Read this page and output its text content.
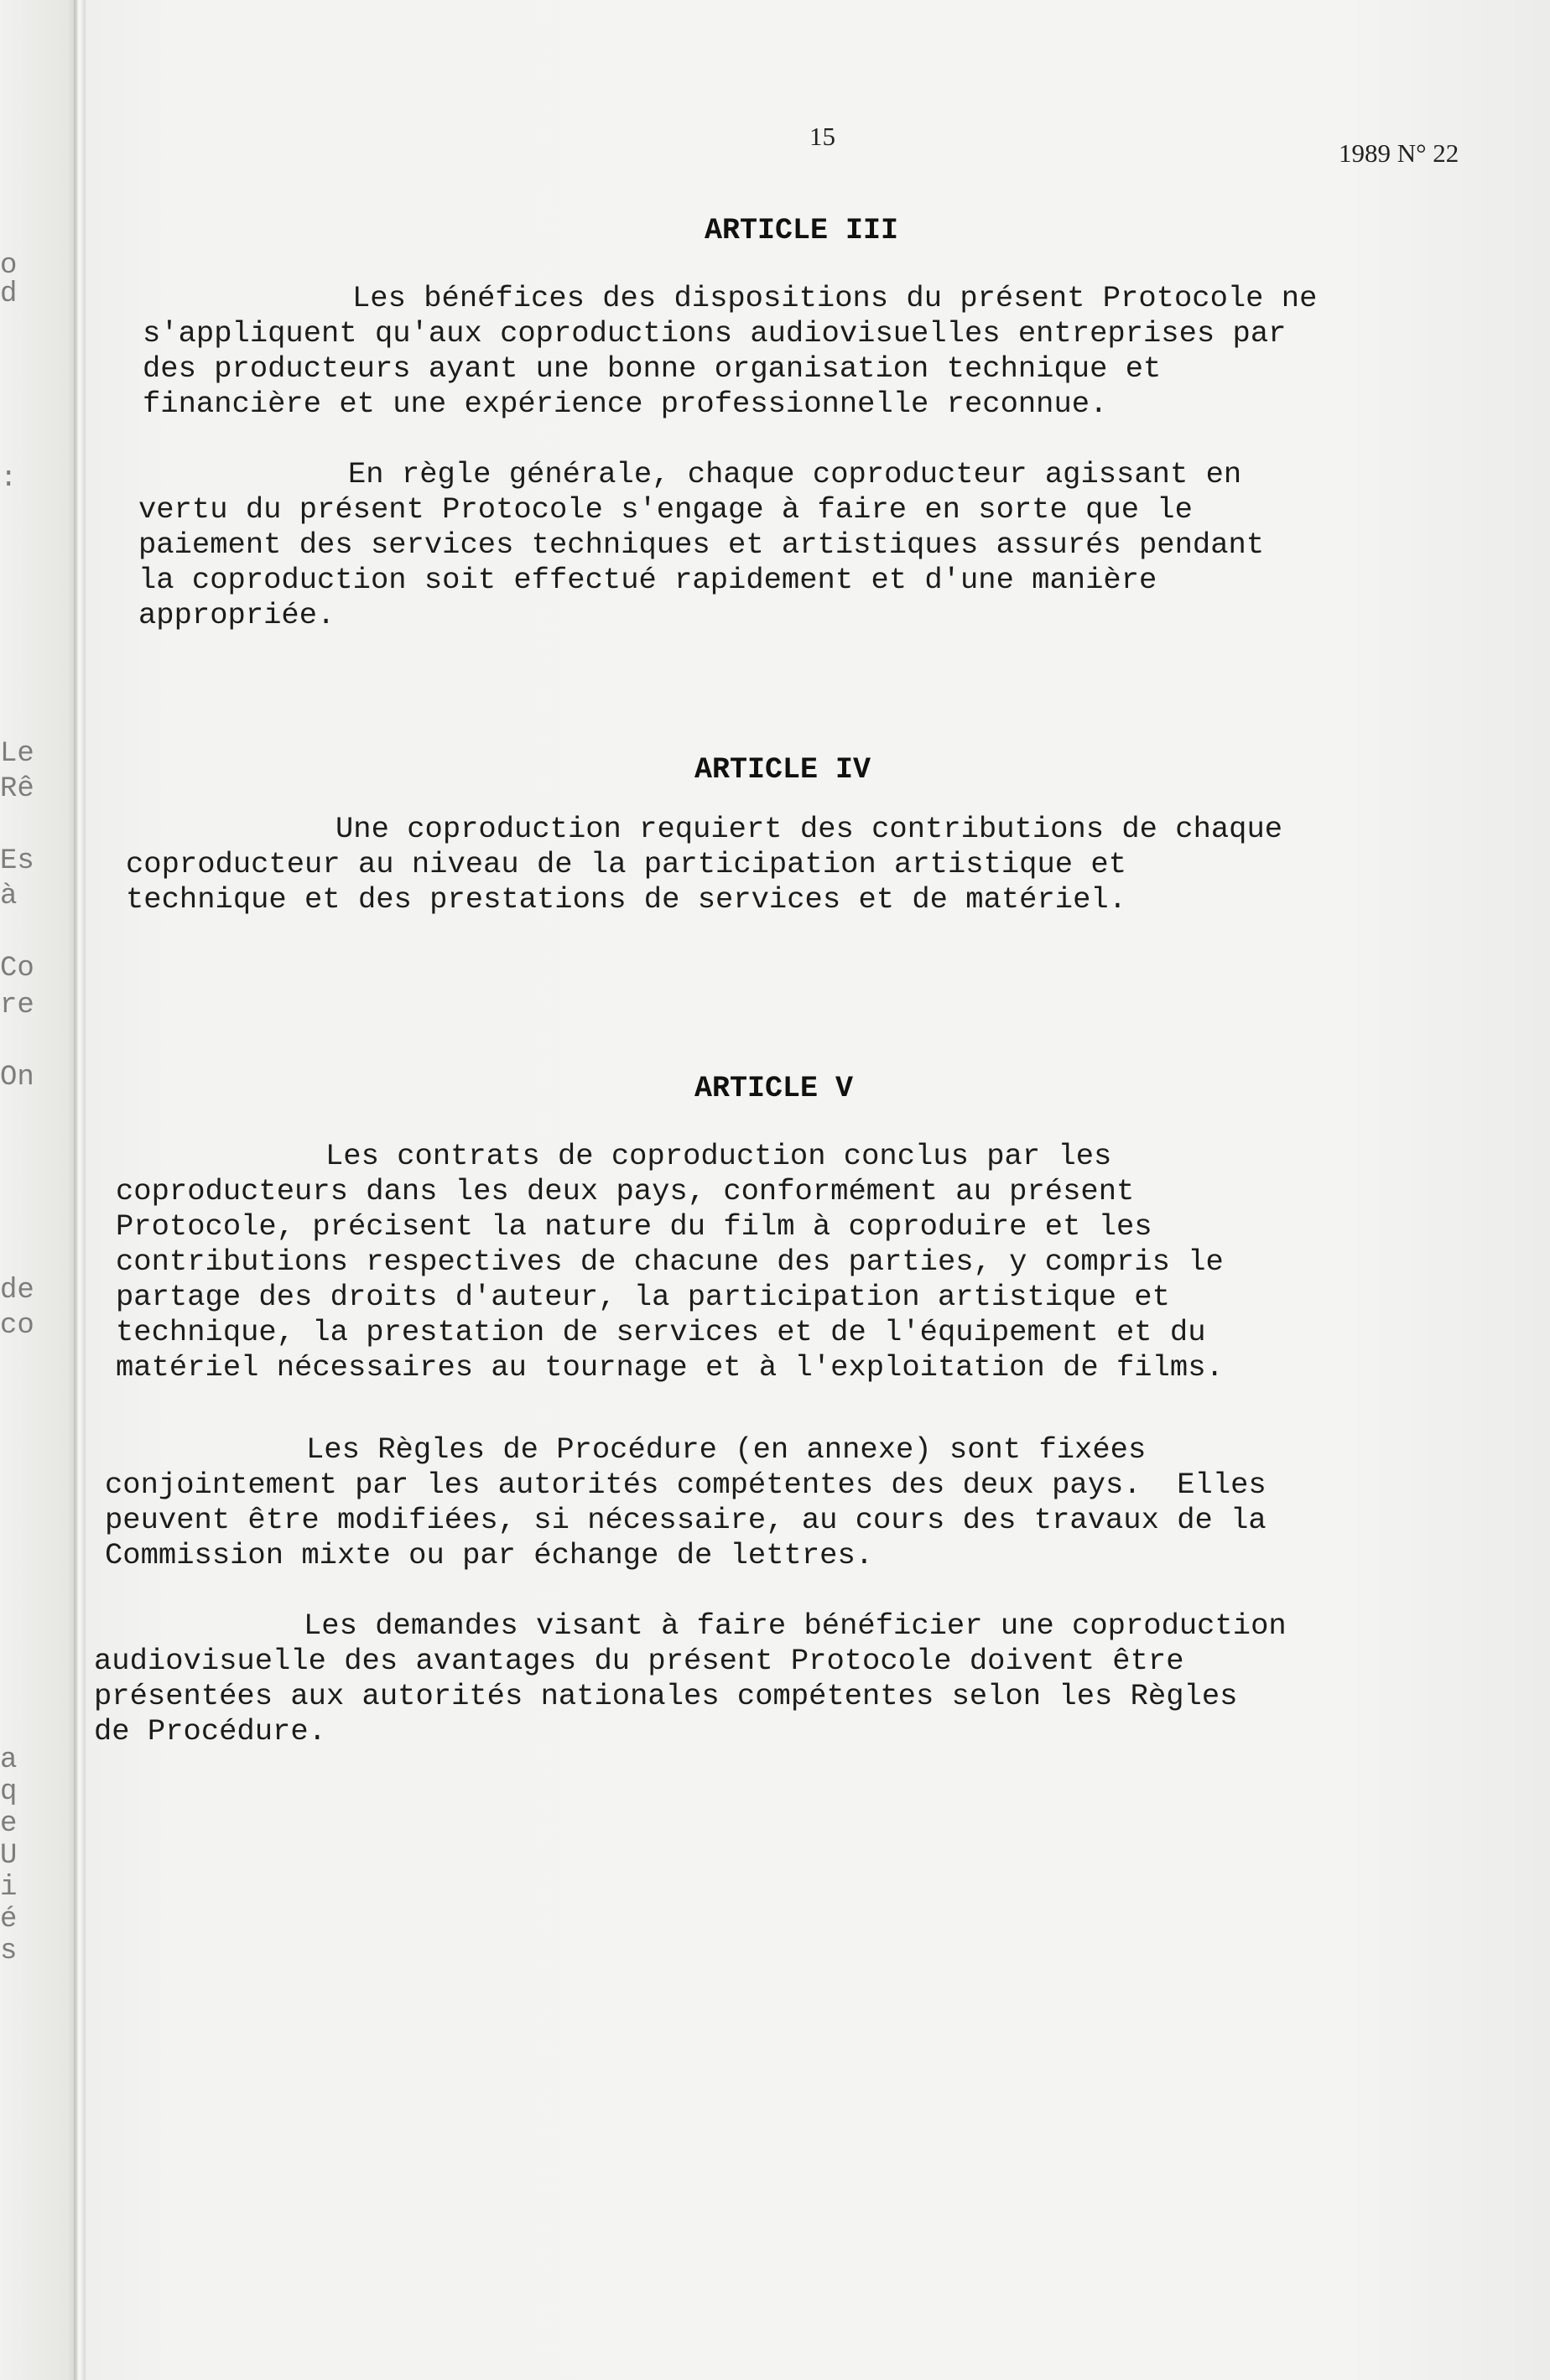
o
d
:
Le
Rê
Es
à
Co
re
On
de
co
a
q
e
U
i
é
s
15
1989 N° 22
ARTICLE III
Les bénéfices des dispositions du présent Protocole ne
s'appliquent qu'aux coproductions audiovisuelles entreprises par
des producteurs ayant une bonne organisation technique et
financière et une expérience professionnelle reconnue.
En règle générale, chaque coproducteur agissant en
vertu du présent Protocole s'engage à faire en sorte que le
paiement des services techniques et artistiques assurés pendant
la coproduction soit effectué rapidement et d'une manière
appropriée.
ARTICLE IV
Une coproduction requiert des contributions de chaque
coproducteur au niveau de la participation artistique et
technique et des prestations de services et de matériel.
ARTICLE V
Les contrats de coproduction conclus par les
coproducteurs dans les deux pays, conformément au présent
Protocole, précisent la nature du film à coproduire et les
contributions respectives de chacune des parties, y compris le
partage des droits d'auteur, la participation artistique et
technique, la prestation de services et de l'équipement et du
matériel nécessaires au tournage et à l'exploitation de films.
Les Règles de Procédure (en annexe) sont fixées
conjointement par les autorités compétentes des deux pays.  Elles
peuvent être modifiées, si nécessaire, au cours des travaux de la
Commission mixte ou par échange de lettres.
Les demandes visant à faire bénéficier une coproduction
audiovisuelle des avantages du présent Protocole doivent être
présentées aux autorités nationales compétentes selon les Règles
de Procédure.
